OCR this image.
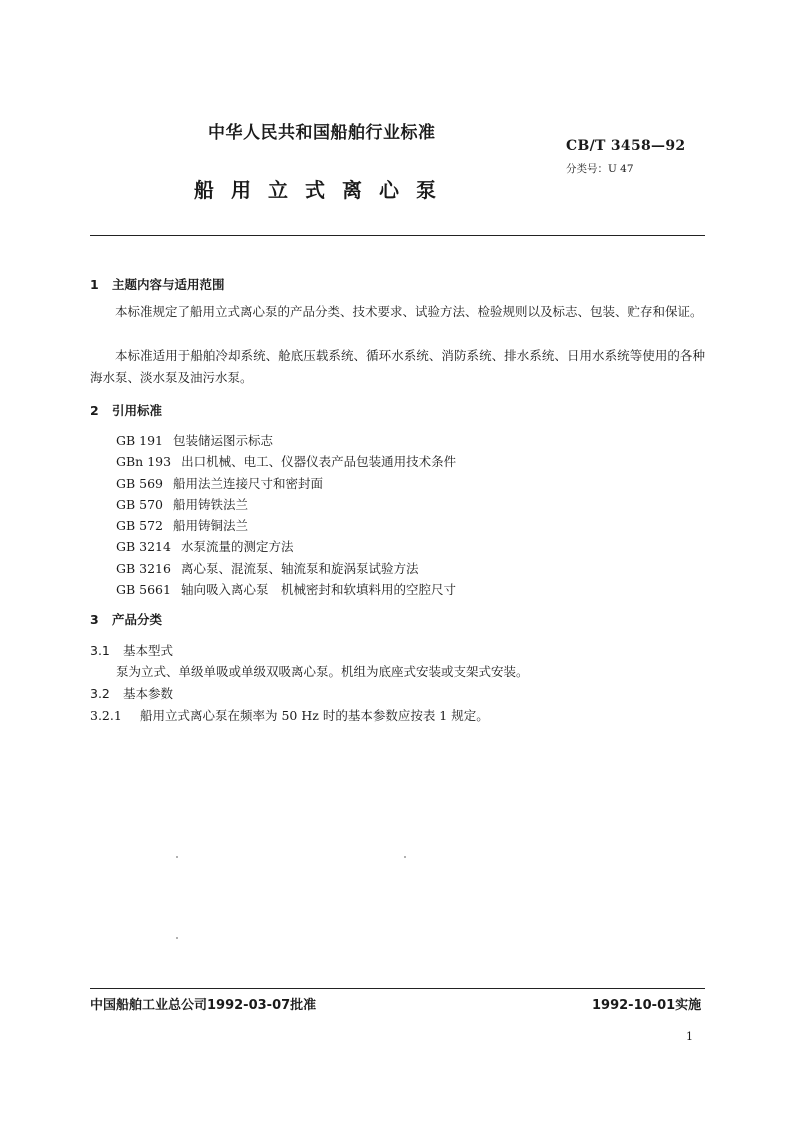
中华人民共和国船舶行业标准
CB/T 3458—92
分类号：U 47
船用立式离心泵
1 主题内容与适用范围
本标准规定了船用立式离心泵的产品分类、技术要求、试验方法、检验规则以及标志、包装、贮存和保证。
本标准适用于船舶冷却系统、舱底压载系统、循环水系统、消防系统、排水系统、日用水系统等使用的各种海水泵、淡水泵及油污水泵。
2 引用标准
GB 191 包装储运图示标志
GBn 193 出口机械、电工、仪器仪表产品包装通用技术条件
GB 569 船用法兰连接尺寸和密封面
GB 570 船用铸铁法兰
GB 572 船用铸铜法兰
GB 3214 水泵流量的测定方法
GB 3216 离心泵、混流泵、轴流泵和旋涡泵试验方法
GB 5661 轴向吸入离心泵　机械密封和软填料用的空腔尺寸
3 产品分类
3.1 基本型式
泵为立式、单级单吸或单级双吸离心泵。机组为底座式安装或支架式安装。
3.2 基本参数
3.2.1 船用立式离心泵在频率为 50 Hz 时的基本参数应按表 1 规定。
中国船舶工业总公司1992-03-07批准	1992-10-01实施
1
